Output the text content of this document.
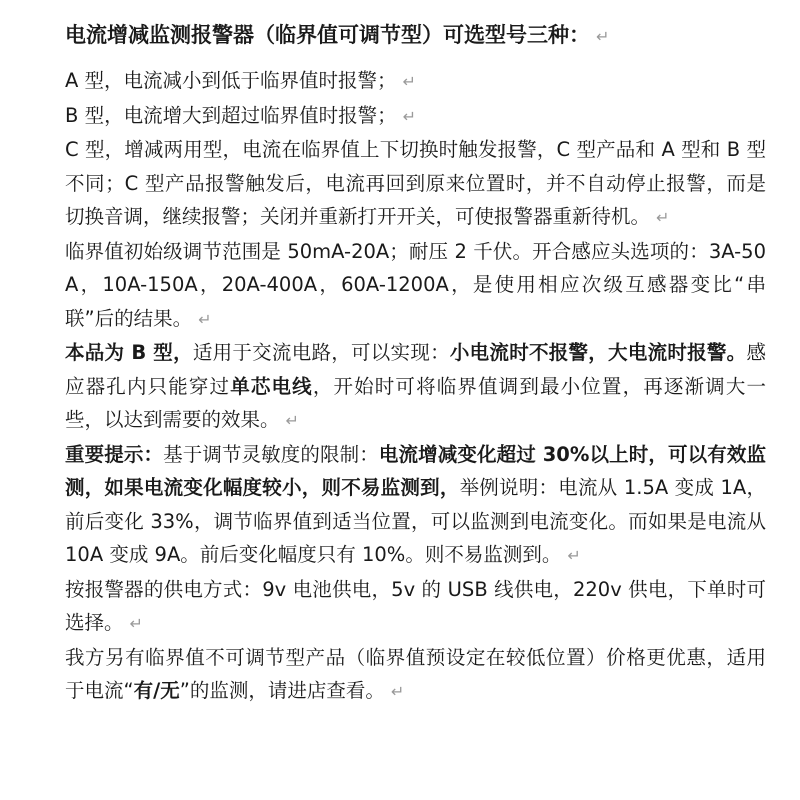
电流增减监测报警器（临界值可调节型）可选型号三种： ↵

A 型，电流减小到低于临界值时报警； ↵

B 型，电流增大到超过临界值时报警； ↵

C 型，增减两用型，电流在临界值上下切换时触发报警，C 型产品和 A 型和 B 型不同；C 型产品报警触发后，电流再回到原来位置时，并不自动停止报警，而是切换音调，继续报警；关闭并重新打开开关，可使报警器重新待机。 ↵

临界值初始级调节范围是 50mA-20A；耐压 2 千伏。开合感应头选项的：3A-50A，10A-150A，20A-400A，60A-1200A，是使用相应次级互感器变比“串联”后的结果。 ↵

本品为 B 型，适用于交流电路，可以实现：小电流时不报警，大电流时报警。感应器孔内只能穿过单芯电线，开始时可将临界值调到最小位置，再逐渐调大一些，以达到需要的效果。 ↵

重要提示：基于调节灵敏度的限制：电流增减变化超过 30%以上时，可以有效监测，如果电流变化幅度较小，则不易监测到，举例说明：电流从 1.5A 变成 1A，前后变化 33%，调节临界值到适当位置，可以监测到电流变化。而如果是电流从 10A 变成 9A。前后变化幅度只有 10%。则不易监测到。 ↵

按报警器的供电方式：9v 电池供电，5v 的 USB 线供电，220v 供电，下单时可选择。 ↵

我方另有临界值不可调节型产品（临界值预设定在较低位置）价格更优惠，适用于电流“有/无”的监测，请进店查看。 ↵
